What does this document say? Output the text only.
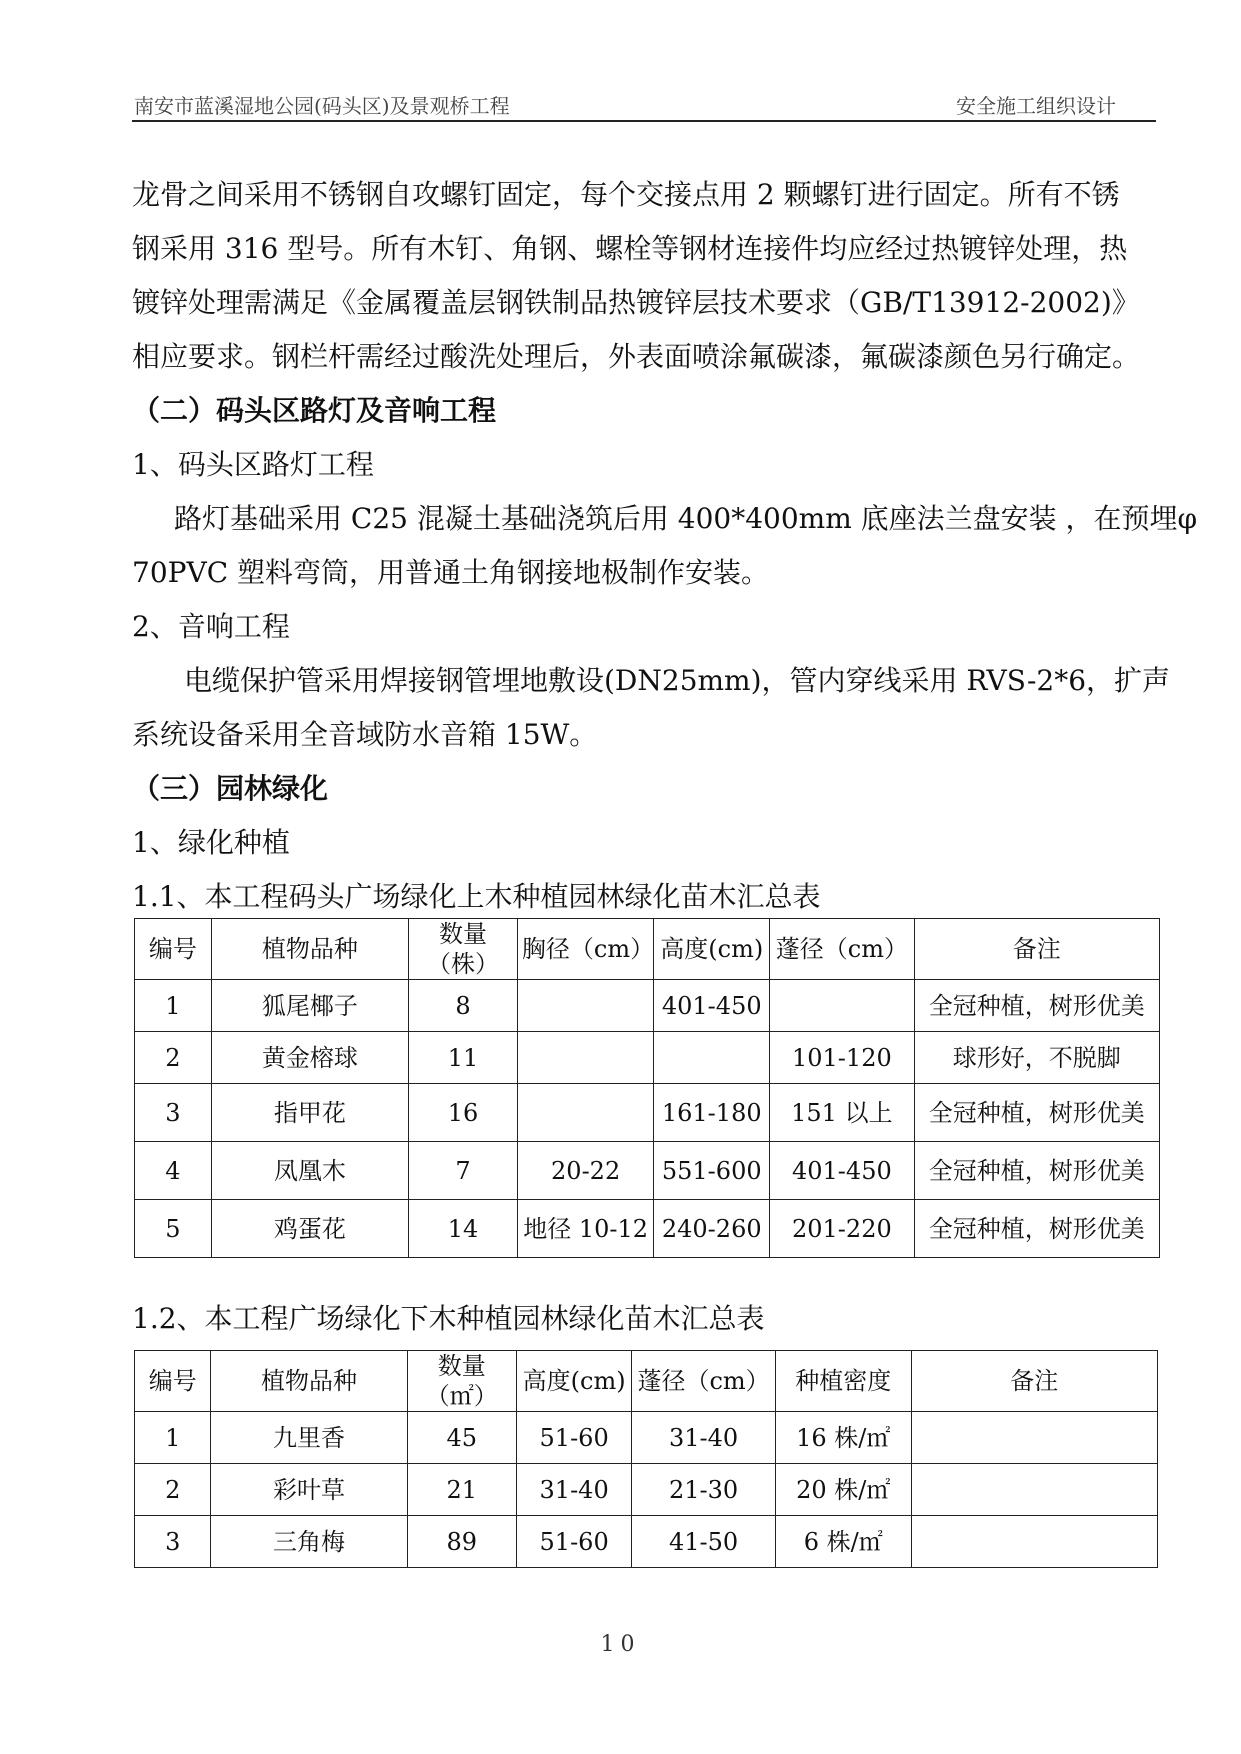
南安市蓝溪湿地公园(码头区)及景观桥工程	安全施工组织设计

龙骨之间采用不锈钢自攻螺钉固定，每个交接点用 2 颗螺钉进行固定。所有不锈

钢采用 316 型号。所有木钉、角钢、螺栓等钢材连接件均应经过热镀锌处理，热

镀锌处理需满足《金属覆盖层钢铁制品热镀锌层技术要求（GB/T13912-2002)》

相应要求。钢栏杆需经过酸洗处理后，外表面喷涂氟碳漆，氟碳漆颜色另行确定。

（二）码头区路灯及音响工程

1、码头区路灯工程

路灯基础采用 C25 混凝土基础浇筑后用 400*400mm 底座法兰盘安装 ，在预埋φ

70PVC 塑料弯筒，用普通土角钢接地极制作安装。

2、音响工程

电缆保护管采用焊接钢管埋地敷设(DN25mm)，管内穿线采用 RVS-2*6，扩声

系统设备采用全音域防水音箱 15W。

（三）园林绿化

1、绿化种植

1.1、本工程码头广场绿化上木种植园林绿化苗木汇总表

编号	植物品种	数量
（株）	胸径（cm）	高度(cm)	蓬径（cm）	备注
1	狐尾椰子	8		401-450		全冠种植，树形优美
2	黄金榕球	11			101-120	球形好，不脱脚
3	指甲花	16		161-180	151 以上	全冠种植，树形优美
4	凤凰木	7	20-22	551-600	401-450	全冠种植，树形优美
5	鸡蛋花	14	地径 10-12	240-260	201-220	全冠种植，树形优美
1.2、本工程广场绿化下木种植园林绿化苗木汇总表
编号	植物品种	数量
（㎡）	高度(cm)	蓬径（cm）	种植密度	备注
1	九里香	45	51-60	31-40	16 株/㎡	
2	彩叶草	21	31-40	21-30	20 株/㎡	
3	三角梅	89	51-60	41-50	6 株/㎡	
10
